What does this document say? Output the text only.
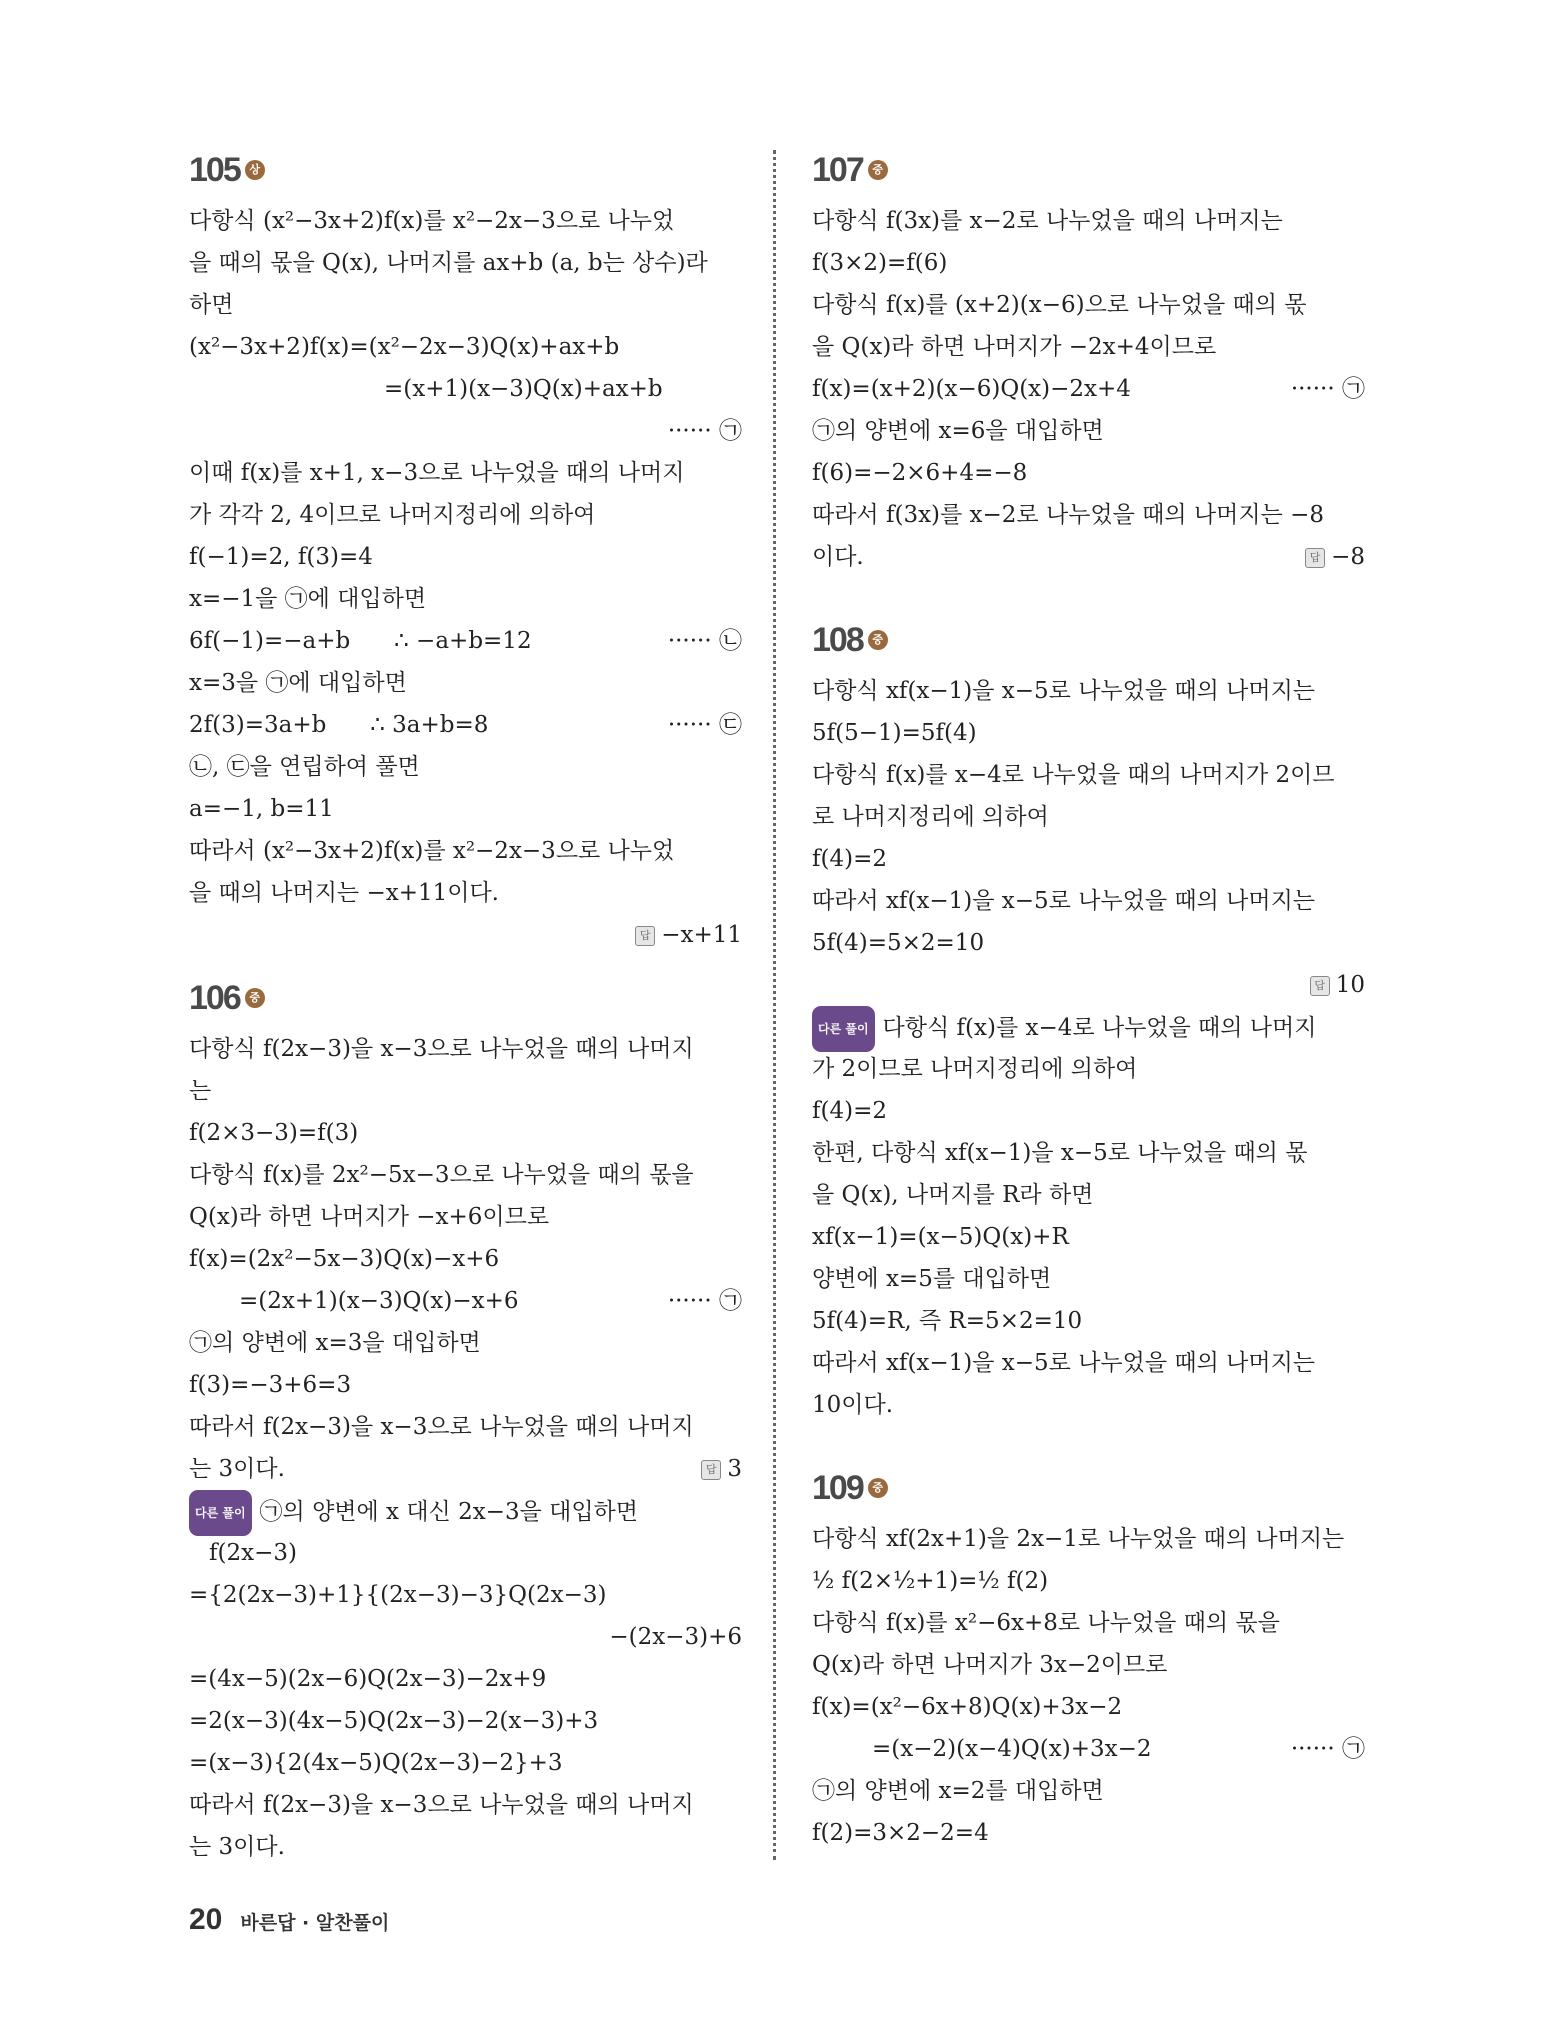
105 상
다항식 (x²−3x+2)f(x)를 x²−2x−3으로 나누었
을 때의 몫을 Q(x), 나머지를 ax+b (a, b는 상수)라
하면
(x²−3x+2)f(x)=(x²−2x−3)Q(x)+ax+b
=(x+1)(x−3)Q(x)+ax+b
······ ㉠
이때 f(x)를 x+1, x−3으로 나누었을 때의 나머지
가 각각 2, 4이므로 나머지정리에 의하여
f(−1)=2, f(3)=4
x=−1을 ㉠에 대입하면
6f(−1)=−a+b      ∴ −a+b=12	······ ㉡
x=3을 ㉠에 대입하면
2f(3)=3a+b      ∴ 3a+b=8	······ ㉢
㉡, ㉢을 연립하여 풀면
a=−1, b=11
따라서 (x²−3x+2)f(x)를 x²−2x−3으로 나누었
을 때의 나머지는 −x+11이다.
답 −x+11
106 중
다항식 f(2x−3)을 x−3으로 나누었을 때의 나머지
는
f(2×3−3)=f(3)
다항식 f(x)를 2x²−5x−3으로 나누었을 때의 몫을
Q(x)라 하면 나머지가 −x+6이므로
f(x)=(2x²−5x−3)Q(x)−x+6
=(2x+1)(x−3)Q(x)−x+6	······ ㉠
㉠의 양변에 x=3을 대입하면
f(3)=−3+6=3
따라서 f(2x−3)을 x−3으로 나누었을 때의 나머지
는 3이다.	답 3
다른 풀이 ㉠의 양변에 x 대신 2x−3을 대입하면
f(2x−3)
={2(2x−3)+1}{(2x−3)−3}Q(2x−3)
−(2x−3)+6
=(4x−5)(2x−6)Q(2x−3)−2x+9
=2(x−3)(4x−5)Q(2x−3)−2(x−3)+3
=(x−3){2(4x−5)Q(2x−3)−2}+3
따라서 f(2x−3)을 x−3으로 나누었을 때의 나머지
는 3이다.
107 중
다항식 f(3x)를 x−2로 나누었을 때의 나머지는
f(3×2)=f(6)
다항식 f(x)를 (x+2)(x−6)으로 나누었을 때의 몫
을 Q(x)라 하면 나머지가 −2x+4이므로
f(x)=(x+2)(x−6)Q(x)−2x+4	······ ㉠
㉠의 양변에 x=6을 대입하면
f(6)=−2×6+4=−8
따라서 f(3x)를 x−2로 나누었을 때의 나머지는 −8
이다.	답 −8
108 중
다항식 xf(x−1)을 x−5로 나누었을 때의 나머지는
5f(5−1)=5f(4)
다항식 f(x)를 x−4로 나누었을 때의 나머지가 2이므
로 나머지정리에 의하여
f(4)=2
따라서 xf(x−1)을 x−5로 나누었을 때의 나머지는
5f(4)=5×2=10
답 10
다른 풀이 다항식 f(x)를 x−4로 나누었을 때의 나머지
가 2이므로 나머지정리에 의하여
f(4)=2
한편, 다항식 xf(x−1)을 x−5로 나누었을 때의 몫
을 Q(x), 나머지를 R라 하면
xf(x−1)=(x−5)Q(x)+R
양변에 x=5를 대입하면
5f(4)=R, 즉 R=5×2=10
따라서 xf(x−1)을 x−5로 나누었을 때의 나머지는
10이다.
109 중
다항식 xf(2x+1)을 2x−1로 나누었을 때의 나머지는
½ f(2×½+1)=½ f(2)
다항식 f(x)를 x²−6x+8로 나누었을 때의 몫을
Q(x)라 하면 나머지가 3x−2이므로
f(x)=(x²−6x+8)Q(x)+3x−2
=(x−2)(x−4)Q(x)+3x−2	······ ㉠
㉠의 양변에 x=2를 대입하면
f(2)=3×2−2=4
20 바른답 · 알찬풀이
